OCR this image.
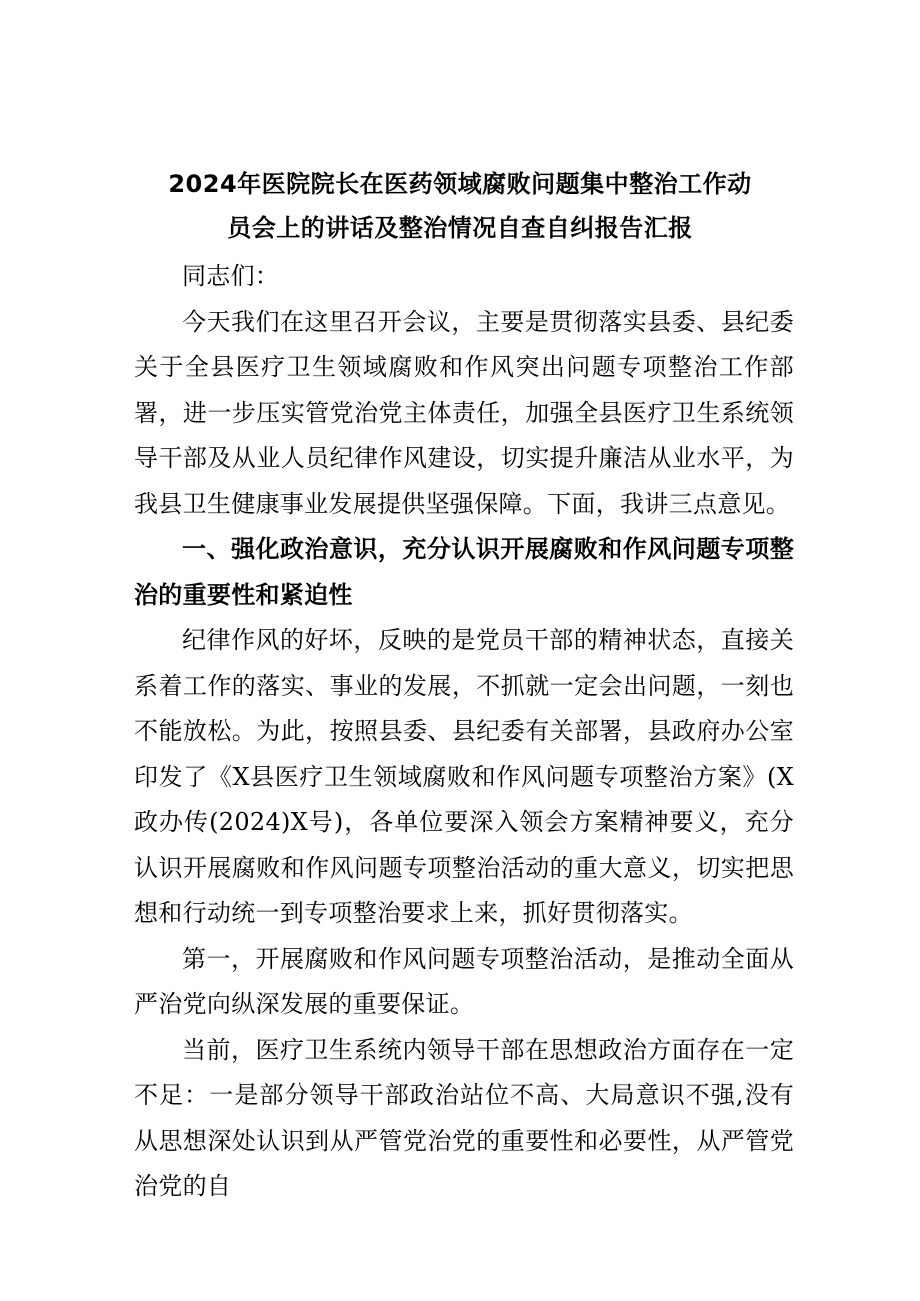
2024年医院院长在医药领域腐败问题集中整治工作动
员会上的讲话及整治情况自查自纠报告汇报

同志们：

今天我们在这里召开会议，主要是贯彻落实县委、县纪委关于全县医疗卫生领域腐败和作风突出问题专项整治工作部署，进一步压实管党治党主体责任，加强全县医疗卫生系统领导干部及从业人员纪律作风建设，切实提升廉洁从业水平，为我县卫生健康事业发展提供坚强保障。下面，我讲三点意见。

一、强化政治意识，充分认识开展腐败和作风问题专项整治的重要性和紧迫性

纪律作风的好坏，反映的是党员干部的精神状态，直接关系着工作的落实、事业的发展，不抓就一定会出问题，一刻也不能放松。为此，按照县委、县纪委有关部署，县政府办公室印发了《X县医疗卫生领域腐败和作风问题专项整治方案》(X政办传(2024)X号)，各单位要深入领会方案精神要义，充分认识开展腐败和作风问题专项整治活动的重大意义，切实把思想和行动统一到专项整治要求上来，抓好贯彻落实。

第一，开展腐败和作风问题专项整治活动，是推动全面从严治党向纵深发展的重要保证。

当前，医疗卫生系统内领导干部在思想政治方面存在一定不足：一是部分领导干部政治站位不高、大局意识不强,没有从思想深处认识到从严管党治党的重要性和必要性，从严管党治党的自
